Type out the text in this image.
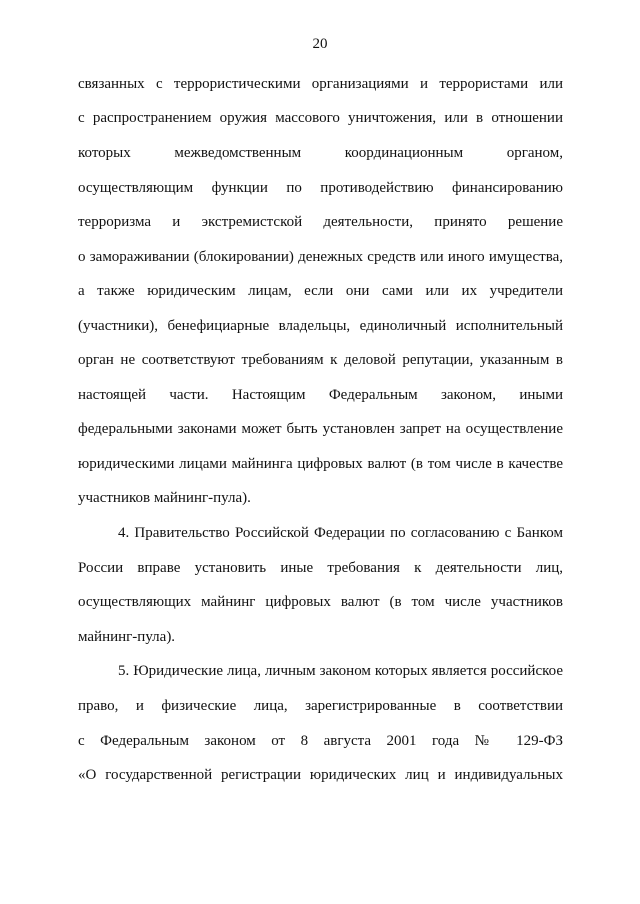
20
связанных с террористическими организациями и террористами или
с распространением оружия массового уничтожения, или в отношении
которых межведомственным координационным органом,
осуществляющим функции по противодействию финансированию
терроризма и экстремистской деятельности, принято решение
о замораживании (блокировании) денежных средств или иного имущества,
а также юридическим лицам, если они сами или их учредители
(участники), бенефициарные владельцы, единоличный исполнительный
орган не соответствуют требованиям к деловой репутации, указанным в
настоящей части. Настоящим Федеральным законом, иными
федеральными законами может быть установлен запрет на осуществление
юридическими лицами майнинга цифровых валют (в том числе в качестве
участников майнинг-пула).
4. Правительство Российской Федерации по согласованию с Банком
России вправе установить иные требования к деятельности лиц,
осуществляющих майнинг цифровых валют (в том числе участников
майнинг-пула).
5. Юридические лица, личным законом которых является российское
право, и физические лица, зарегистрированные в соответствии
с Федеральным законом от 8 августа 2001 года № 129-ФЗ
«О государственной регистрации юридических лиц и индивидуальных
